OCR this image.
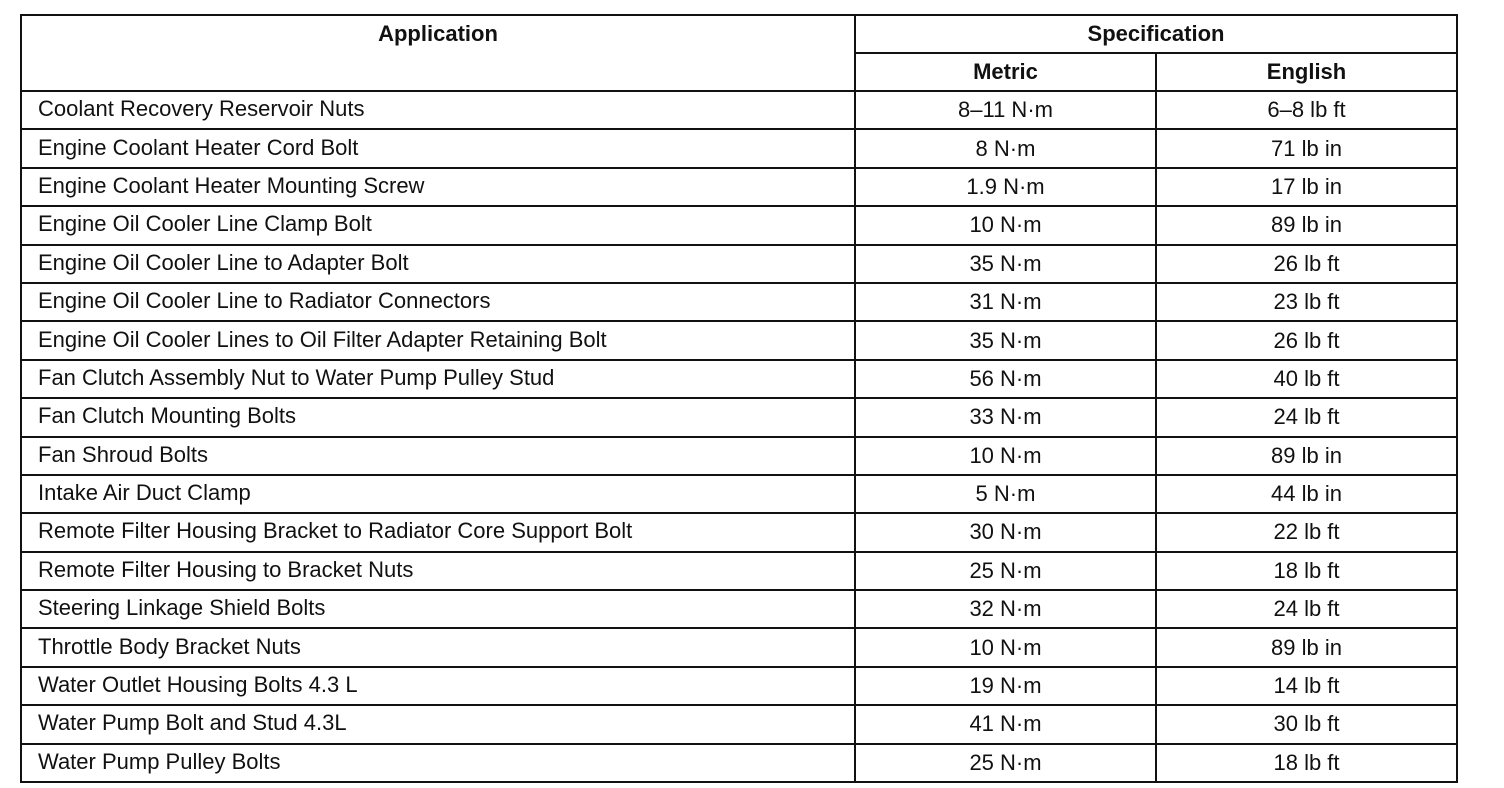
Application	Specification	
	Metric	English
Coolant Recovery Reservoir Nuts	8–11 N·m	6–8 lb ft
Engine Coolant Heater Cord Bolt	8 N·m	71 lb in
Engine Coolant Heater Mounting Screw	1.9 N·m	17 lb in
Engine Oil Cooler Line Clamp Bolt	10 N·m	89 lb in
Engine Oil Cooler Line to Adapter Bolt	35 N·m	26 lb ft
Engine Oil Cooler Line to Radiator Connectors	31 N·m	23 lb ft
Engine Oil Cooler Lines to Oil Filter Adapter Retaining Bolt	35 N·m	26 lb ft
Fan Clutch Assembly Nut to Water Pump Pulley Stud	56 N·m	40 lb ft
Fan Clutch Mounting Bolts	33 N·m	24 lb ft
Fan Shroud Bolts	10 N·m	89 lb in
Intake Air Duct Clamp	5 N·m	44 lb in
Remote Filter Housing Bracket to Radiator Core Support Bolt	30 N·m	22 lb ft
Remote Filter Housing to Bracket Nuts	25 N·m	18 lb ft
Steering Linkage Shield Bolts	32 N·m	24 lb ft
Throttle Body Bracket Nuts	10 N·m	89 lb in
Water Outlet Housing Bolts 4.3 L	19 N·m	14 lb ft
Water Pump Bolt and Stud 4.3L	41 N·m	30 lb ft
Water Pump Pulley Bolts	25 N·m	18 lb ft
